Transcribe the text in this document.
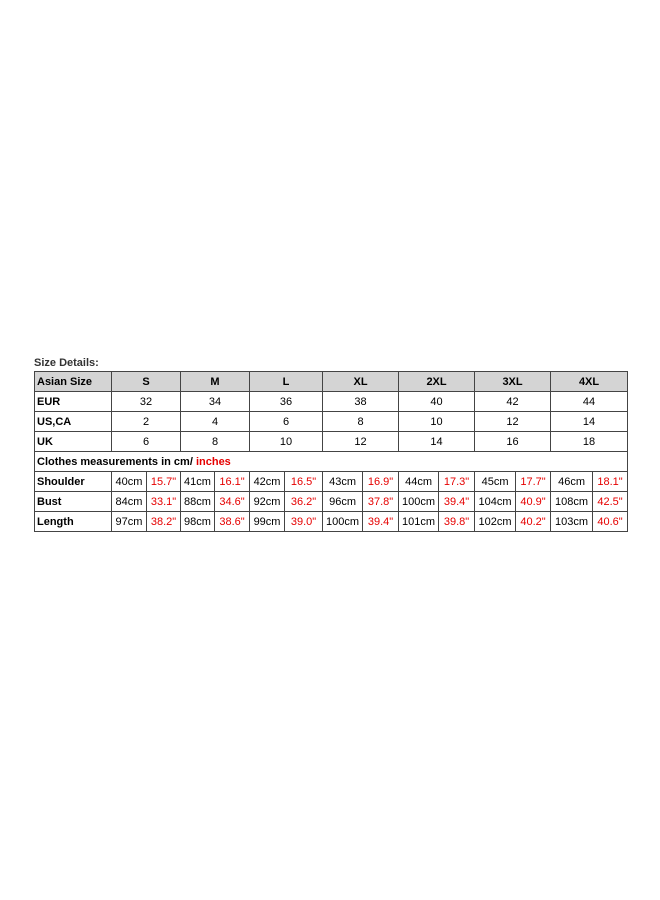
Size Details:
Asian Size	S		M		L		XL		2XL		3XL		4XL	
EUR	32		34		36		38		40		42		44	
US,CA	2		4		6		8		10		12		14	
UK	6		8		10		12		14		16		18	
Clothes measurements in cm/ inches														
Shoulder	40cm	15.7"	41cm	16.1"	42cm	16.5"	43cm	16.9"	44cm	17.3"	45cm	17.7"	46cm	18.1"
Bust	84cm	33.1"	88cm	34.6"	92cm	36.2"	96cm	37.8"	100cm	39.4"	104cm	40.9"	108cm	42.5"
Length	97cm	38.2"	98cm	38.6"	99cm	39.0"	100cm	39.4"	101cm	39.8"	102cm	40.2"	103cm	40.6"
